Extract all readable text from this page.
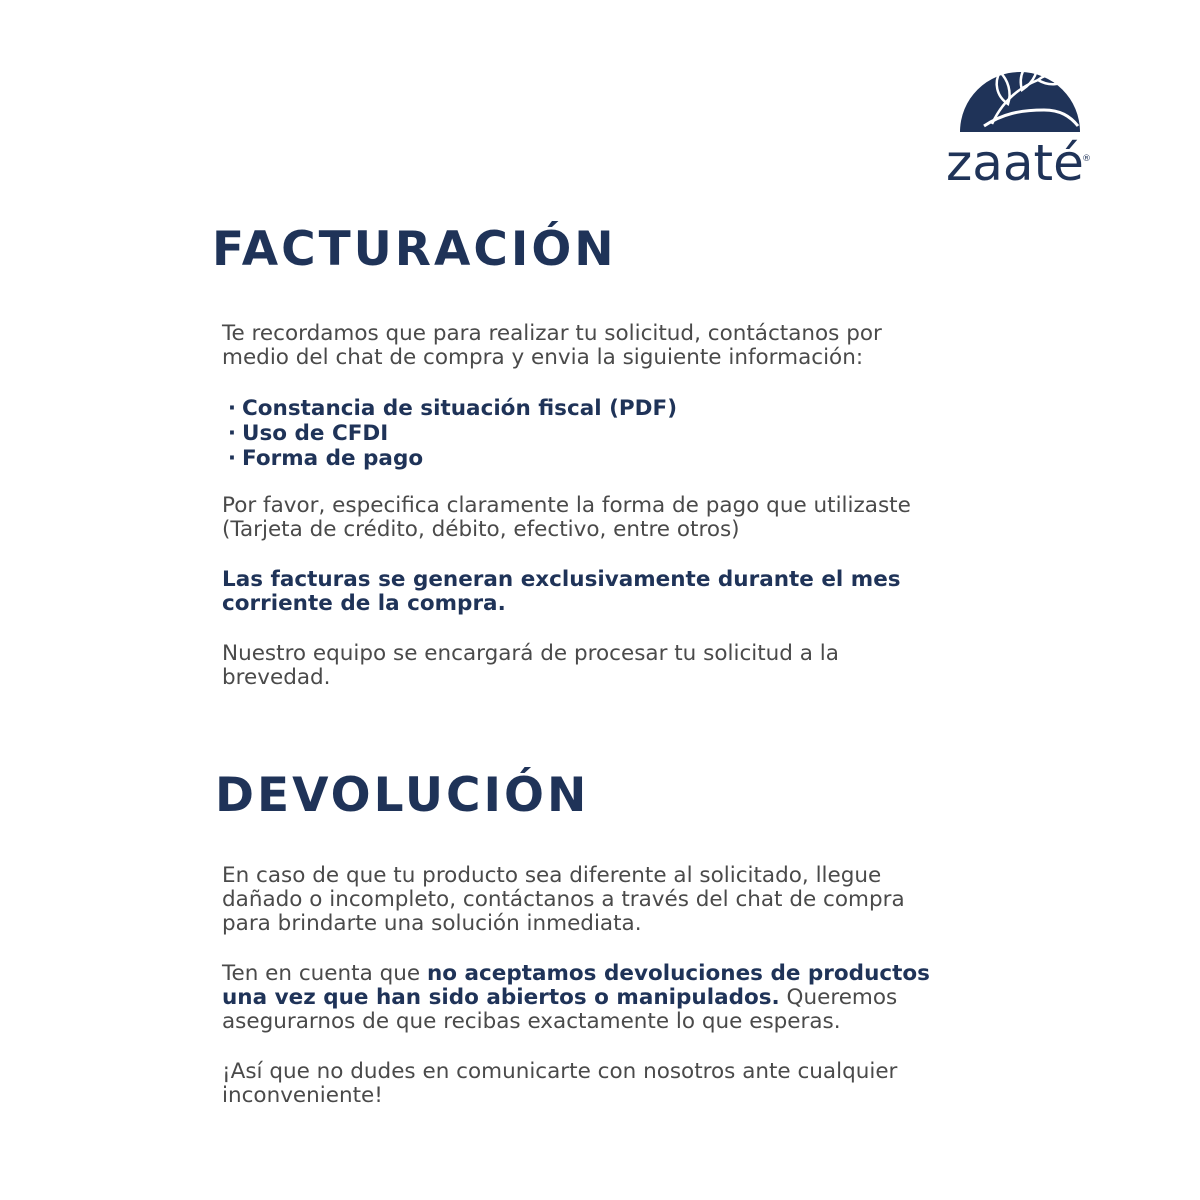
zaaté
®
FACTURACIÓN

Te recordamos que para realizar tu solicitud, contáctanos por
medio del chat de compra y envia la siguiente información:

· Constancia de situación fiscal (PDF)
· Uso de CFDI
· Forma de pago

Por favor, especifica claramente la forma de pago que utilizaste
(Tarjeta de crédito, débito, efectivo, entre otros)

Las facturas se generan exclusivamente durante el mes
corriente de la compra.

Nuestro equipo se encargará de procesar tu solicitud a la
brevedad.

DEVOLUCIÓN

En caso de que tu producto sea diferente al solicitado, llegue
dañado o incompleto, contáctanos a través del chat de compra
para brindarte una solución inmediata.

Ten en cuenta que no aceptamos devoluciones de productos
una vez que han sido abiertos o manipulados. Queremos
asegurarnos de que recibas exactamente lo que esperas.

¡Así que no dudes en comunicarte con nosotros ante cualquier
inconveniente!
